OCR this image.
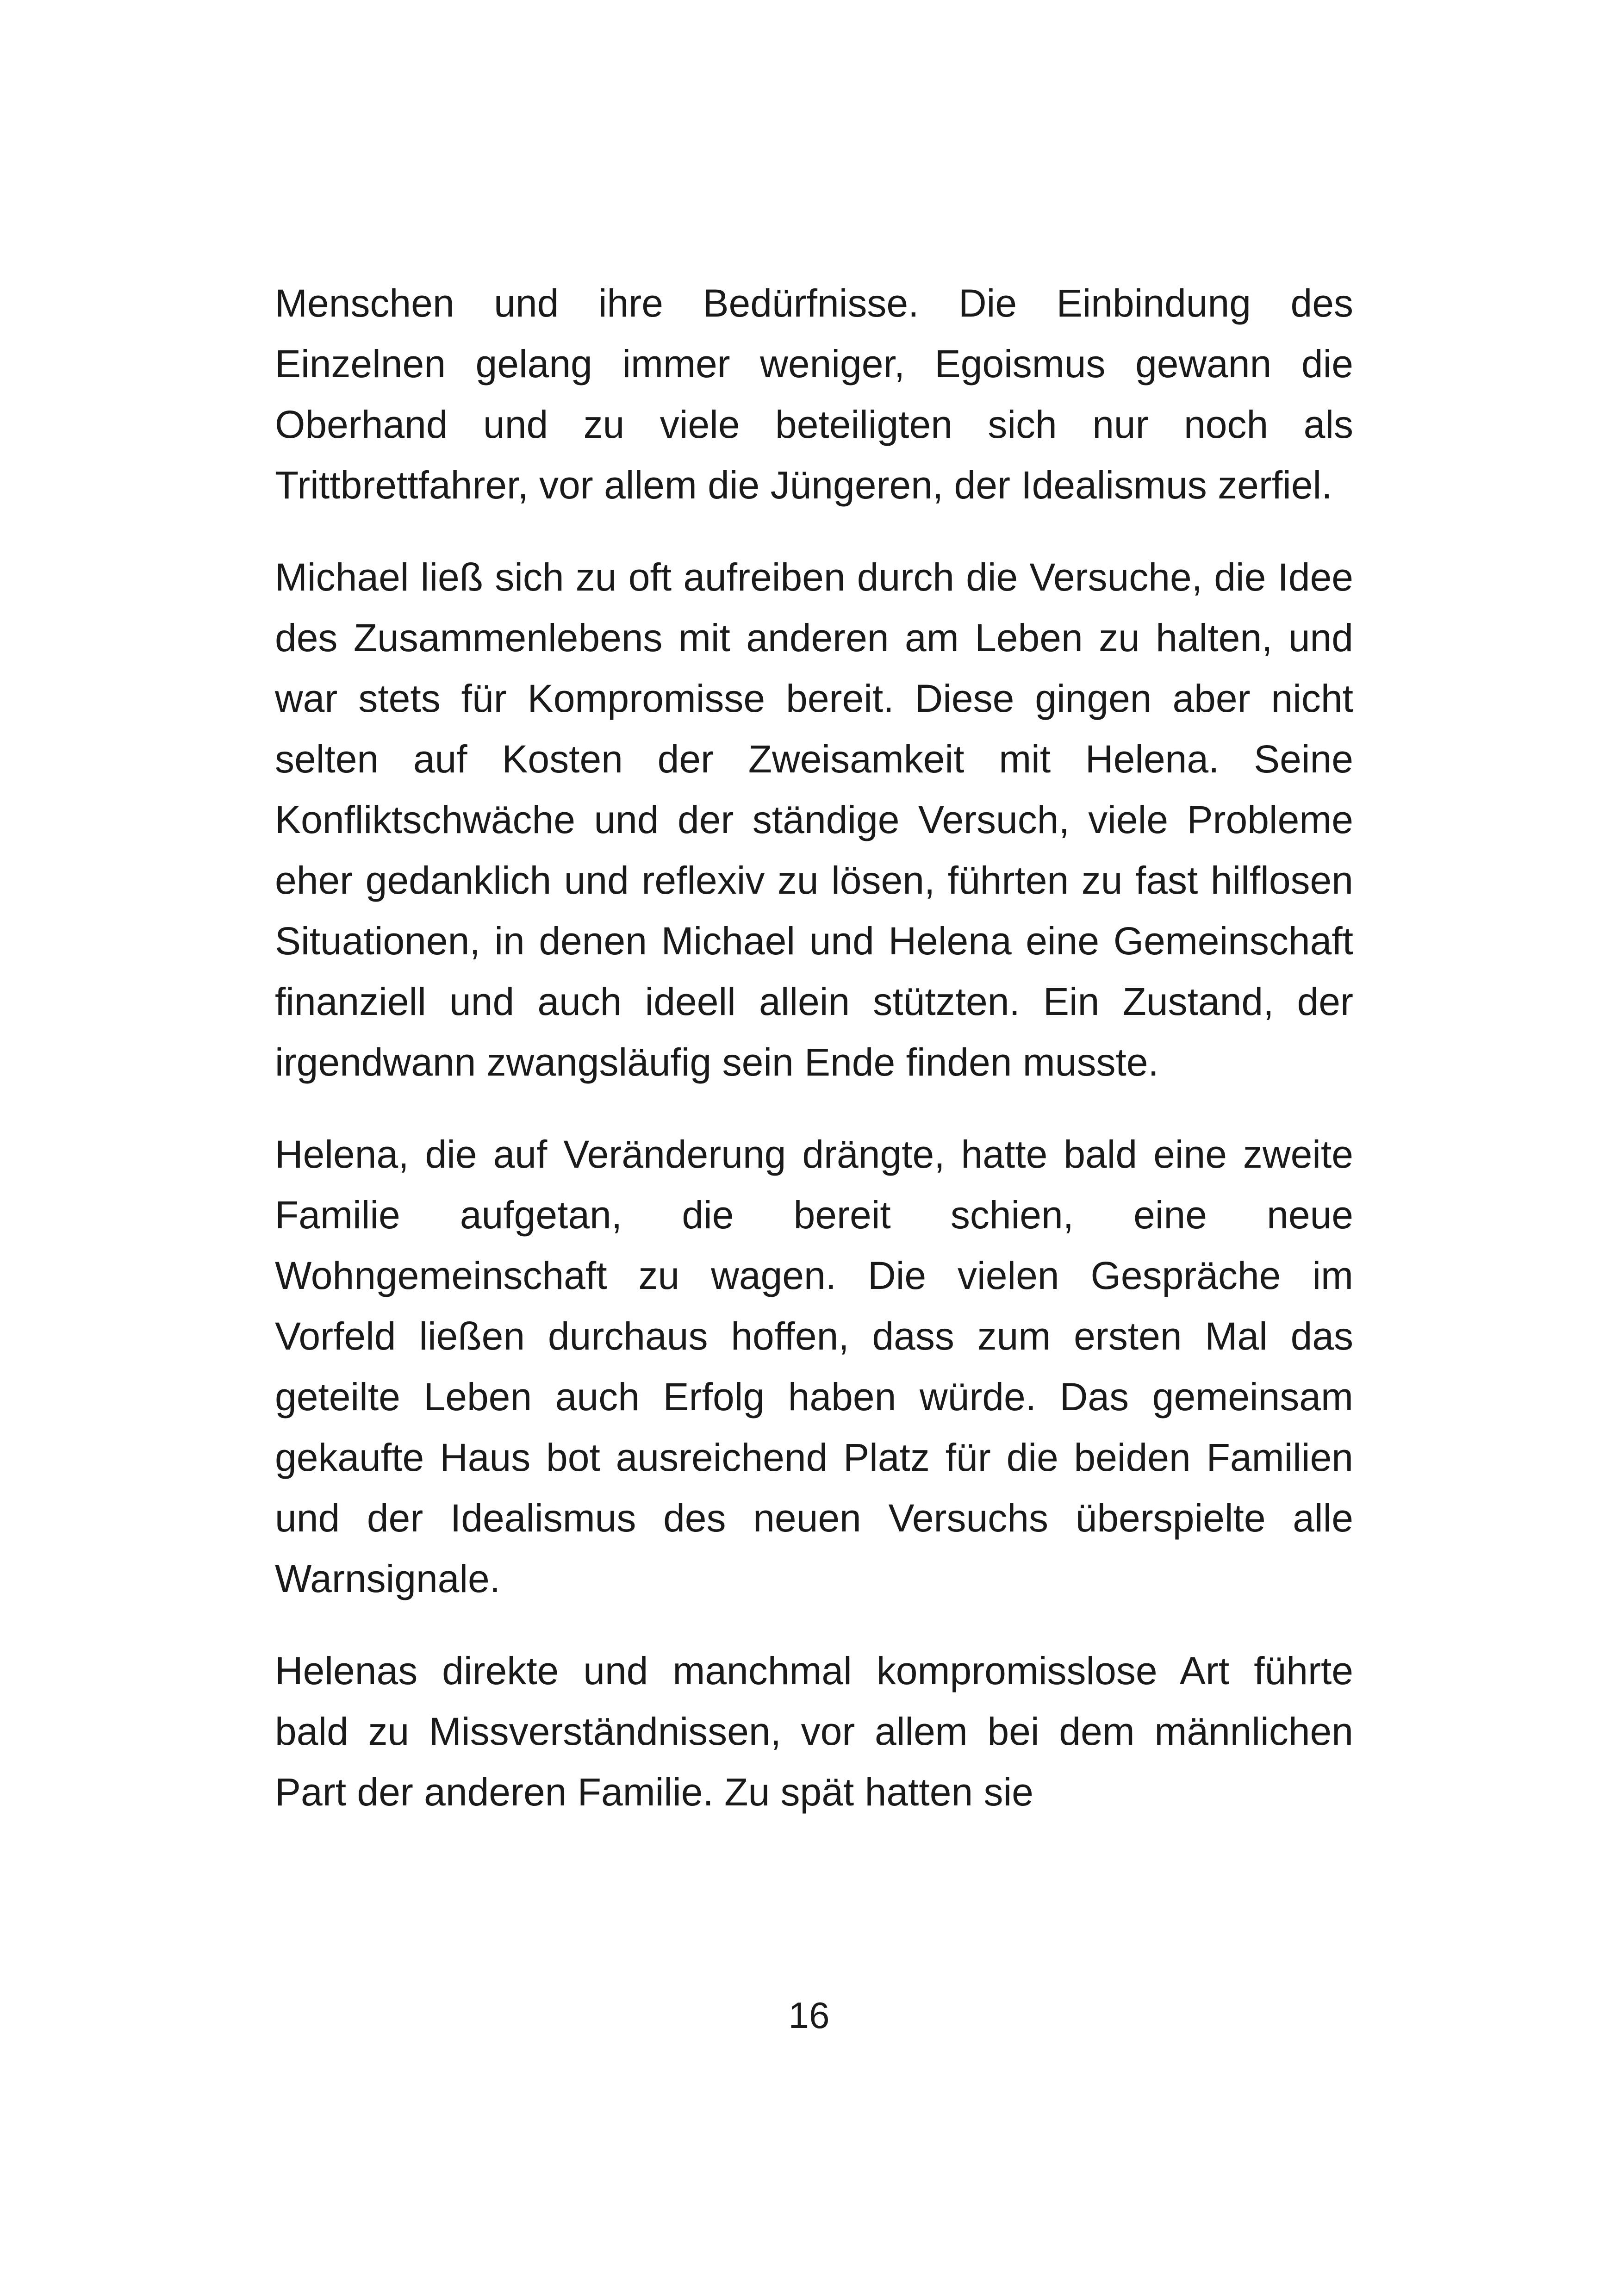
Menschen und ihre Bedürfnisse. Die Einbindung des Einzelnen gelang immer weniger, Egoismus gewann die Oberhand und zu viele beteiligten sich nur noch als Trittbrettfahrer, vor allem die Jüngeren, der Idealismus zerfiel.

Michael ließ sich zu oft aufreiben durch die Versuche, die Idee des Zusammenlebens mit anderen am Leben zu halten, und war stets für Kompromisse bereit. Diese gingen aber nicht selten auf Kosten der Zweisamkeit mit Helena. Seine Konfliktschwäche und der ständige Versuch, viele Probleme eher gedanklich und reflexiv zu lösen, führten zu fast hilflosen Situationen, in denen Michael und Helena eine Gemeinschaft finanziell und auch ideell allein stützten. Ein Zustand, der irgendwann zwangsläufig sein Ende finden musste.

Helena, die auf Veränderung drängte, hatte bald eine zweite Familie aufgetan, die bereit schien, eine neue Wohngemeinschaft zu wagen. Die vielen Gespräche im Vorfeld ließen durchaus hoffen, dass zum ersten Mal das geteilte Leben auch Erfolg haben würde. Das gemeinsam gekaufte Haus bot ausreichend Platz für die beiden Familien und der Idealismus des neuen Versuchs überspielte alle Warnsignale.

Helenas direkte und manchmal kompromisslose Art führte bald zu Missverständnissen, vor allem bei dem männlichen Part der anderen Familie. Zu spät hatten sie

16
